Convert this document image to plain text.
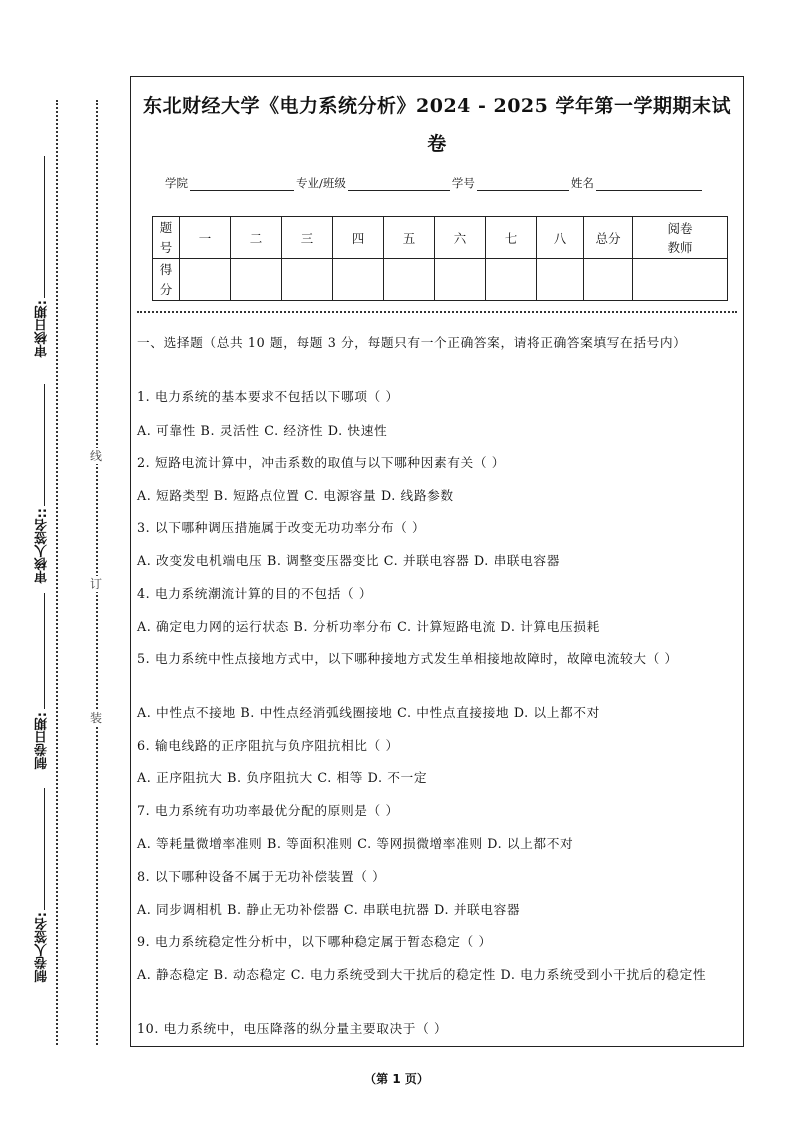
审核日期:
审核人签名::
制卷日期:
制卷人签名:
线
订
装
东北财经大学《电力系统分析》2024 - 2025 学年第一学期期末试
卷
学院	专业/班级	学号	姓名
题号	一	二	三	四	五	六	七	八	总分	阅卷教师
得分										
一、选择题（总共 10 题，每题 3 分，每题只有一个正确答案，请将正确答案填写在括号内）
1. 电力系统的基本要求不包括以下哪项（ ）
A. 可靠性 B. 灵活性 C. 经济性 D. 快速性
2. 短路电流计算中，冲击系数的取值与以下哪种因素有关（ ）
A. 短路类型 B. 短路点位置 C. 电源容量 D. 线路参数
3. 以下哪种调压措施属于改变无功功率分布（ ）
A. 改变发电机端电压 B. 调整变压器变比 C. 并联电容器 D. 串联电容器
4. 电力系统潮流计算的目的不包括（ ）
A. 确定电力网的运行状态 B. 分析功率分布 C. 计算短路电流 D. 计算电压损耗
5. 电力系统中性点接地方式中，以下哪种接地方式发生单相接地故障时，故障电流较大（ ）
A. 中性点不接地 B. 中性点经消弧线圈接地 C. 中性点直接接地 D. 以上都不对
6. 输电线路的正序阻抗与负序阻抗相比（ ）
A. 正序阻抗大 B. 负序阻抗大 C. 相等 D. 不一定
7. 电力系统有功功率最优分配的原则是（ ）
A. 等耗量微增率准则 B. 等面积准则 C. 等网损微增率准则 D. 以上都不对
8. 以下哪种设备不属于无功补偿装置（ ）
A. 同步调相机 B. 静止无功补偿器 C. 串联电抗器 D. 并联电容器
9. 电力系统稳定性分析中，以下哪种稳定属于暂态稳定（ ）
A. 静态稳定 B. 动态稳定 C. 电力系统受到大干扰后的稳定性 D. 电力系统受到小干扰后的稳定性
10. 电力系统中，电压降落的纵分量主要取决于（ ）
（第 1 页）
